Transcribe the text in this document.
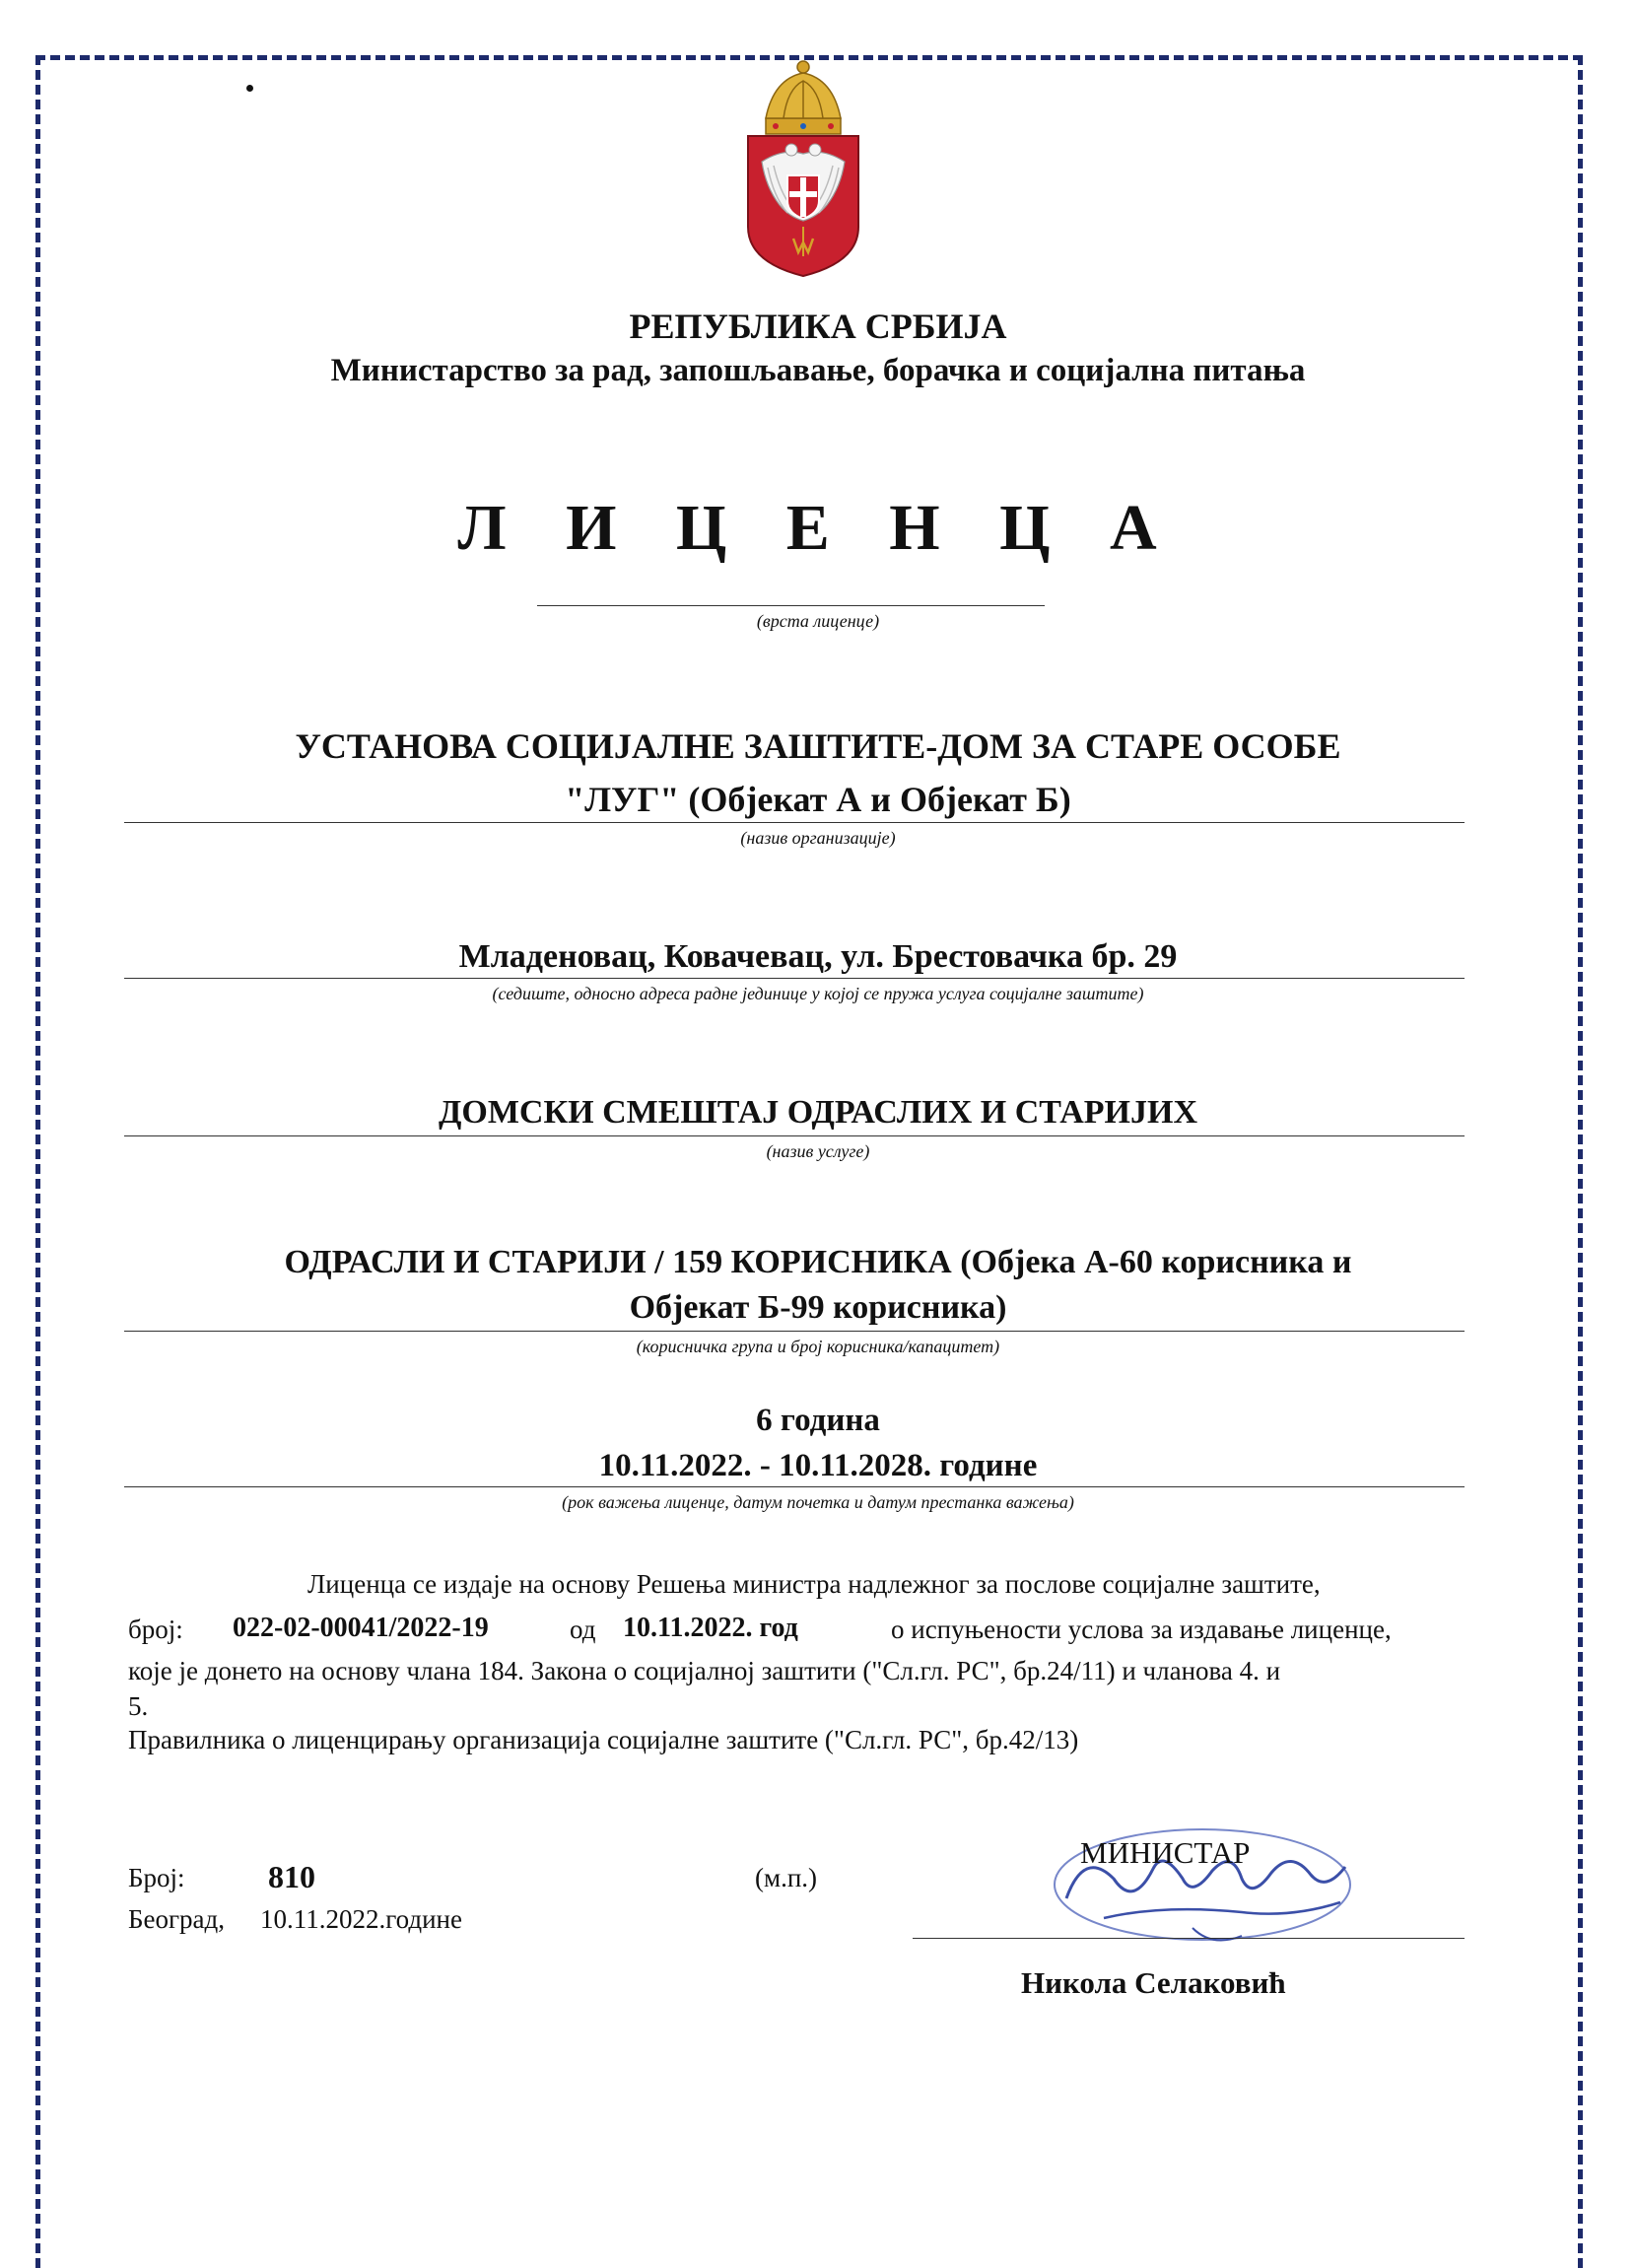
РЕПУБЛИКА СРБИЈА
Министарство за рад, запошљавање, борачка и социјална питања
Л И Ц Е Н Ц А
(врста лиценце)
УСТАНОВА СОЦИЈАЛНЕ ЗАШТИТЕ-ДОМ ЗА СТАРЕ ОСОБЕ
"ЛУГ" (Објекат А и Објекат Б)
(назив организације)
Младеновац, Ковачевац, ул. Брестовачка бр. 29
(седиште, односно адреса радне јединице у којој се пружа услуга социјалне заштите)
ДОМСКИ СМЕШТАЈ ОДРАСЛИХ И СТАРИЈИХ
(назив услуге)
ОДРАСЛИ И СТАРИЈИ / 159 КОРИСНИКА (Објека А-60 корисника и
Објекат Б-99 корисника)
(корисничка група и број корисника/капацитет)
6 година
10.11.2022. - 10.11.2028. године
(рок важења лиценце, датум почетка и датум престанка важења)
Лиценца се издаје на основу Решења министра надлежног за послове социјалне заштите,
број: 022-02-00041/2022-19	од 10.11.2022. год	о испуњености услова за издавање лиценце,
које је донето на основу члана 184. Закона о социјалној заштити ("Сл.гл. РС", бр.24/11) и чланова 4. и
5.
Правилника о лиценцирању организација социјалне заштите ("Сл.гл. РС", бр.42/13)
Број:	810
Београд, 10.11.2022.године
(м.п.)
МИНИСТАР
Никола Селаковић
